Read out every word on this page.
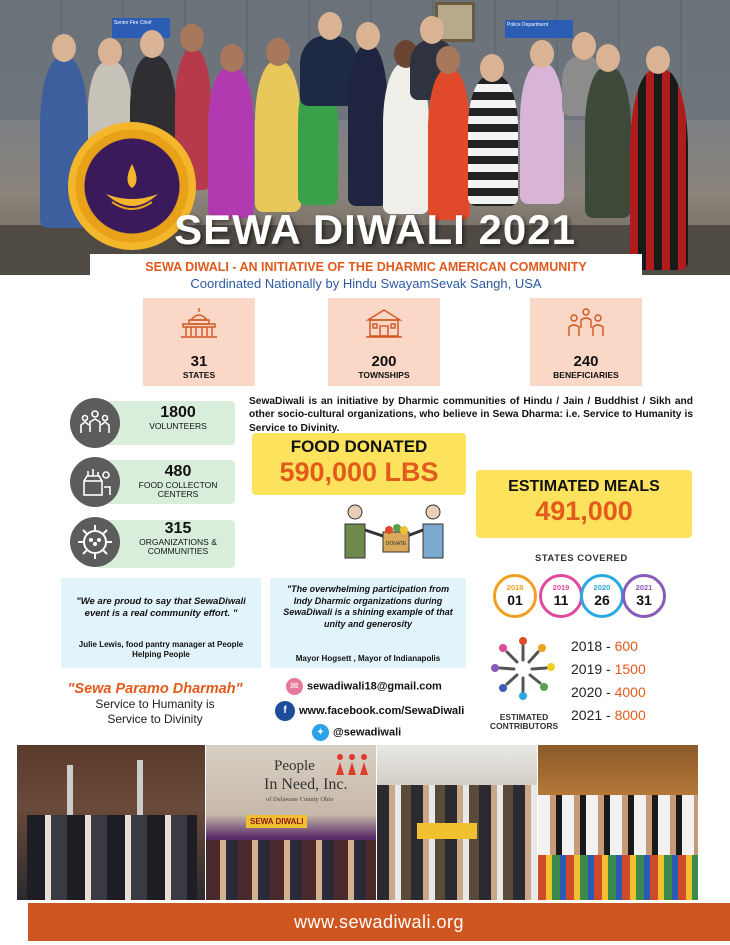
Senior Fire Chief	Police Department
SEWA DIWALI 2021
SEWA DIWALI - AN INITIATIVE OF THE DHARMIC AMERICAN COMMUNITY
Coordinated Nationally by Hindu SwayamSevak Sangh, USA
31
STATES
200
TOWNSHIPS
240
BENEFICIARIES
SewaDiwali is an initiative by Dharmic communities of Hindu / Jain / Buddhist / Sikh and other socio-cultural organizations, who believe in Sewa Dharma: i.e. Service to Humanity is Service to Divinity.
1800
VOLUNTEERS
480
FOOD COLLECTON CENTERS
315
ORGANIZATIONS & COMMUNITIES
FOOD DONATED
590,000 LBS
DONATE
ESTIMATED MEALS
491,000
STATES COVERED
2018
01
2019
11
2020
26
2021
31
"We are proud to say that SewaDiwali event is a real community effort. "
Julie Lewis, food pantry manager at People Helping People
"The overwhelming participation from Indy Dharmic organizations during SewaDiwali is a shining example of that unity and generosity
Mayor Hogsett , Mayor of Indianapolis
"Sewa Paramo Dharmah"
Service to Humanity is
Service to Divinity
✉ sewadiwali18@gmail.com
f www.facebook.com/SewaDiwali
✦ @sewadiwali
ESTIMATED CONTRIBUTORS
2018 - 600
2019 - 1500
2020 - 4000
2021 - 8000
People
In Need, Inc.
of Delaware County Ohio
SEWA DIWALI
www.sewadiwali.org
